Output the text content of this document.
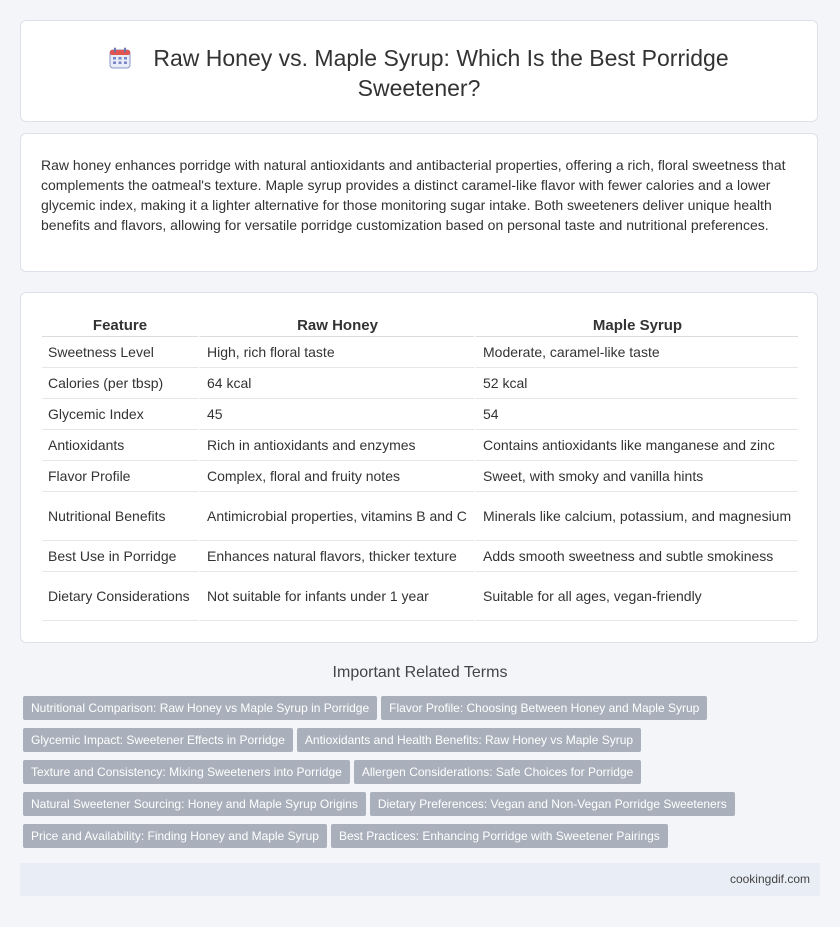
Raw Honey vs. Maple Syrup: Which Is the Best Porridge Sweetener?

Raw honey enhances porridge with natural antioxidants and antibacterial properties, offering a rich, floral sweetness that complements the oatmeal's texture. Maple syrup provides a distinct caramel-like flavor with fewer calories and a lower glycemic index, making it a lighter alternative for those monitoring sugar intake. Both sweeteners deliver unique health benefits and flavors, allowing for versatile porridge customization based on personal taste and nutritional preferences.

Feature	Raw Honey	Maple Syrup
Sweetness Level	High, rich floral taste	Moderate, caramel-like taste
Calories (per tbsp)	64 kcal	52 kcal
Glycemic Index	45	54
Antioxidants	Rich in antioxidants and enzymes	Contains antioxidants like manganese and zinc
Flavor Profile	Complex, floral and fruity notes	Sweet, with smoky and vanilla hints
Nutritional Benefits	Antimicrobial properties, vitamins B and C	Minerals like calcium, potassium, and magnesium
Best Use in Porridge	Enhances natural flavors, thicker texture	Adds smooth sweetness and subtle smokiness
Dietary Considerations	Not suitable for infants under 1 year	Suitable for all ages, vegan-friendly
Important Related Terms
Nutritional Comparison: Raw Honey vs Maple Syrup in Porridge Flavor Profile: Choosing Between Honey and Maple Syrup
Glycemic Impact: Sweetener Effects in Porridge Antioxidants and Health Benefits: Raw Honey vs Maple Syrup
Texture and Consistency: Mixing Sweeteners into Porridge Allergen Considerations: Safe Choices for Porridge
Natural Sweetener Sourcing: Honey and Maple Syrup Origins Dietary Preferences: Vegan and Non-Vegan Porridge Sweeteners
Price and Availability: Finding Honey and Maple Syrup Best Practices: Enhancing Porridge with Sweetener Pairings
cookingdif.com
